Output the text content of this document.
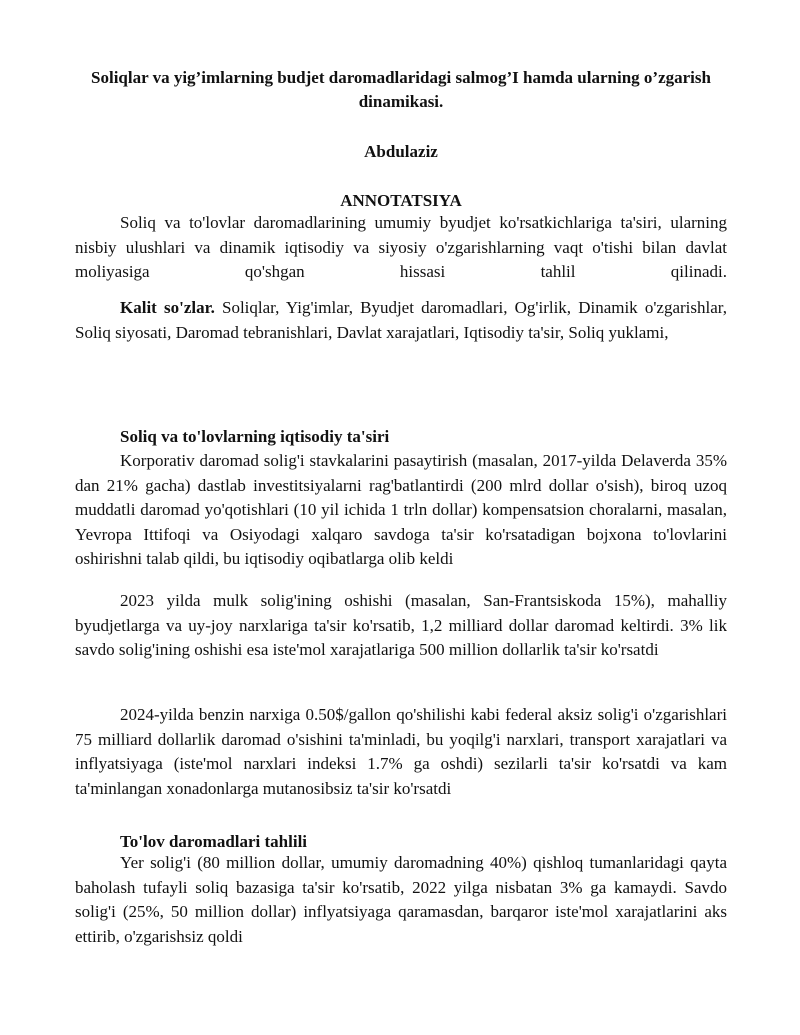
Soliqlar va yig’imlarning budjet daromadlaridagi salmog’I hamda ularning o’zgarish dinamikasi.
Abdulaziz
ANNOTATSIYA

Soliq va to'lovlar daromadlarining umumiy byudjet ko'rsatkichlariga ta'siri, ularning nisbiy ulushlari va dinamik iqtisodiy va siyosiy o'zgarishlarning vaqt o'tishi bilan davlat moliyasiga qo'shgan hissasi tahlil qilinadi.

Kalit so'zlar. Soliqlar, Yig'imlar, Byudjet daromadlari, Og'irlik, Dinamik o'zgarishlar, Soliq siyosati, Daromad tebranishlari, Davlat xarajatlari, Iqtisodiy ta'sir, Soliq yuklami,

Soliq va to'lovlarning iqtisodiy ta'siri

Korporativ daromad solig'i stavkalarini pasaytirish (masalan, 2017-yilda Delaverda 35% dan 21% gacha) dastlab investitsiyalarni rag'batlantirdi (200 mlrd dollar o'sish), biroq uzoq muddatli daromad yo'qotishlari (10 yil ichida 1 trln dollar) kompensatsion choralarni, masalan, Yevropa Ittifoqi va Osiyodagi xalqaro savdoga ta'sir ko'rsatadigan bojxona to'lovlarini oshirishni talab qildi, bu iqtisodiy oqibatlarga olib keldi

2023 yilda mulk solig'ining oshishi (masalan, San-Frantsiskoda 15%), mahalliy byudjetlarga va uy-joy narxlariga ta'sir ko'rsatib, 1,2 milliard dollar daromad keltirdi. 3% lik savdo solig'ining oshishi esa iste'mol xarajatlariga 500 million dollarlik ta'sir ko'rsatdi

2024-yilda benzin narxiga 0.50$/gallon qo'shilishi kabi federal aksiz solig'i o'zgarishlari 75 milliard dollarlik daromad o'sishini ta'minladi, bu yoqilg'i narxlari, transport xarajatlari va inflyatsiyaga (iste'mol narxlari indeksi 1.7% ga oshdi) sezilarli ta'sir ko'rsatdi va kam ta'minlangan xonadonlarga mutanosibsiz ta'sir ko'rsatdi

To'lov daromadlari tahlili

Yer solig'i (80 million dollar, umumiy daromadning 40%) qishloq tumanlaridagi qayta baholash tufayli soliq bazasiga ta'sir ko'rsatib, 2022 yilga nisbatan 3% ga kamaydi. Savdo solig'i (25%, 50 million dollar) inflyatsiyaga qaramasdan, barqaror iste'mol xarajatlarini aks ettirib, o'zgarishsiz qoldi
